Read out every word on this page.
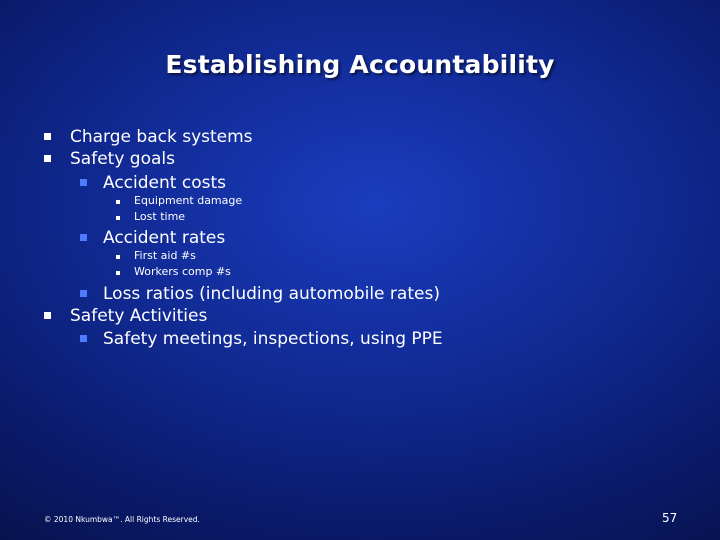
Establishing Accountability
Charge back systems
Safety goals
Accident costs
Equipment damage
Lost time
Accident rates
First aid #s
Workers comp #s
Loss ratios (including automobile rates)
Safety Activities
Safety meetings, inspections, using PPE
© 2010 Nkumbwa™. All Rights Reserved.	57
